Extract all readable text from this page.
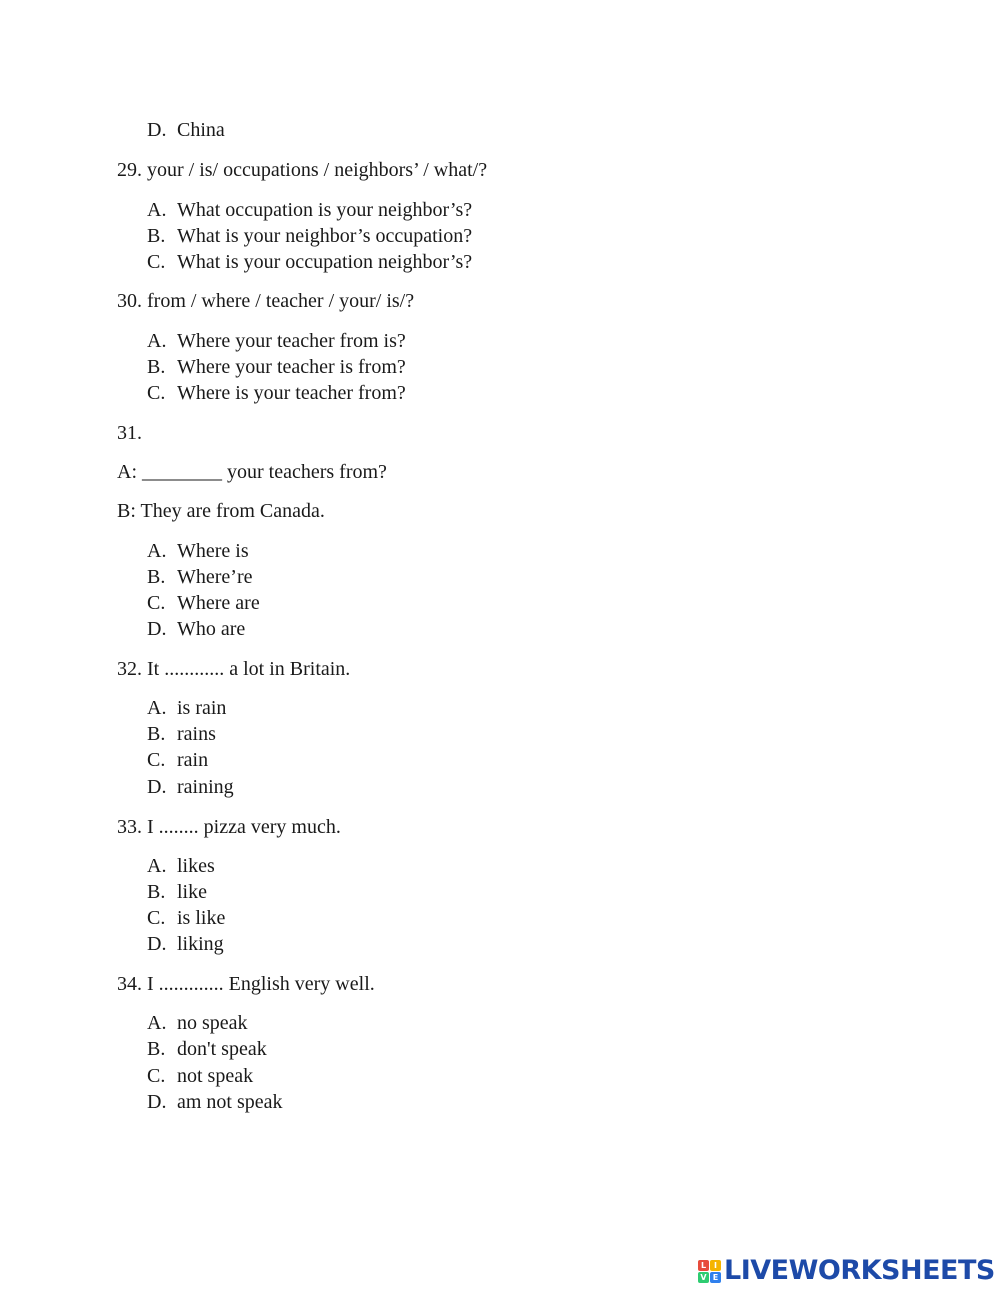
D. China
29. your / is/ occupations / neighbors’ / what/?
A. What occupation is your neighbor’s?
B. What is your neighbor’s occupation?
C. What is your occupation neighbor’s?
30. from / where / teacher / your/ is/?
A. Where your teacher from is?
B. Where your teacher is from?
C. Where is your teacher from?
31.
A: ________ your teachers from?
B: They are from Canada.
A. Where is
B. Where’re
C. Where are
D. Who are
32. It ............ a lot in Britain.
A. is rain
B. rains
C. rain
D. raining
33. I ........ pizza very much.
A. likes
B. like
C. is like
D. liking
34. I ............. English very well.
A. no speak
B. don't speak
C. not speak
D. am not speak
L I
V E LIVEWORKSHEETS
